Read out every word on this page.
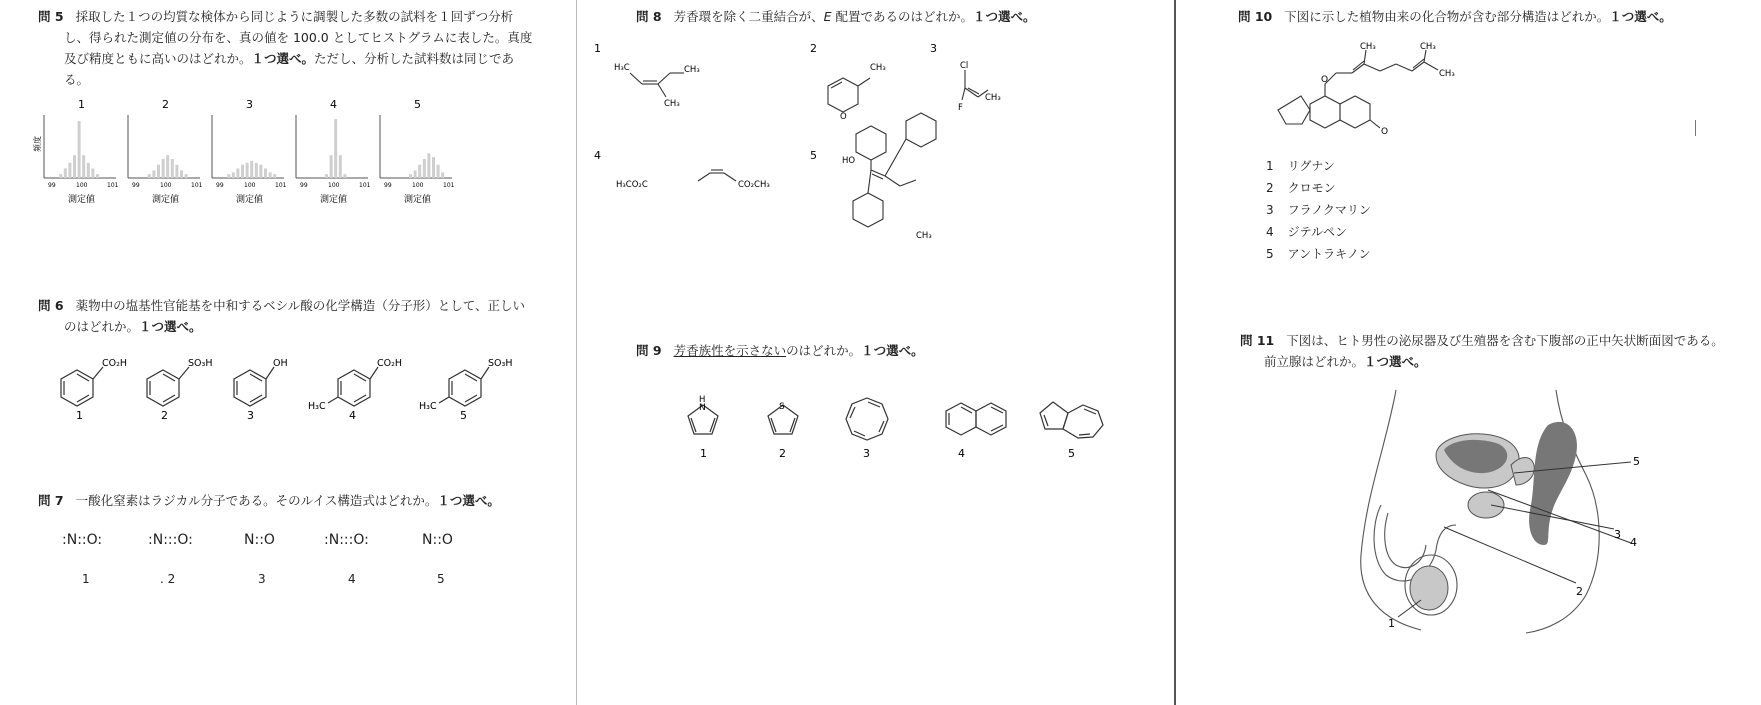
問 5 採取した１つの均質な検体から同じように調製した多数の試料を１回ずつ分析
し、得られた測定値の分布を、真の値を 100.0 としてヒストグラムに表した。真度
及び精度ともに高いのはどれか。１つ選べ。ただし、分析した試料数は同じであ
る。
1
99	100	101
測定値
2
99	100	101
測定値
3
99	100	101
測定値
4
99	100	101
測定値
5
99	100	101
測定値
頻度
問 6 薬物中の塩基性官能基を中和するベシル酸の化学構造（分子形）として、正しい
のはどれか。１つ選べ。
CO₂H	SO₃H	OH	CO₂H
H₃C
SO₃H
H₃C
1	2	3	4	5
問 7 一酸化窒素はラジカル分子である。そのルイス構造式はどれか。１つ選べ。
:N::O:	:N:::O:	N::O	:N:::O:	N::O
1	. 2	3	4	5
問 8 芳香環を除く二重結合が、E 配置であるのはどれか。１つ選べ。
1
H₃C	CH₃
CH₃
2
CH₃
O
3
Cl
F
CH₃
4
H₃CO₂C	CO₂CH₃
5	HO
CH₃
問 9 芳香族性を示さないのはどれか。１つ選べ。
H
N	S
1	2	3	4	5
問 10 下図に示した植物由来の化合物が含む部分構造はどれか。１つ選べ。
O
CH₃	CH₃
CH₃
O
1 リグナン
2 クロモン
3 フラノクマリン
4 ジテルペン
5 アントラキノン
問 11 下図は、ヒト男性の泌尿器及び生殖器を含む下腹部の正中矢状断面図である。
前立腺はどれか。１つ選べ。
1
2
3
4
5
